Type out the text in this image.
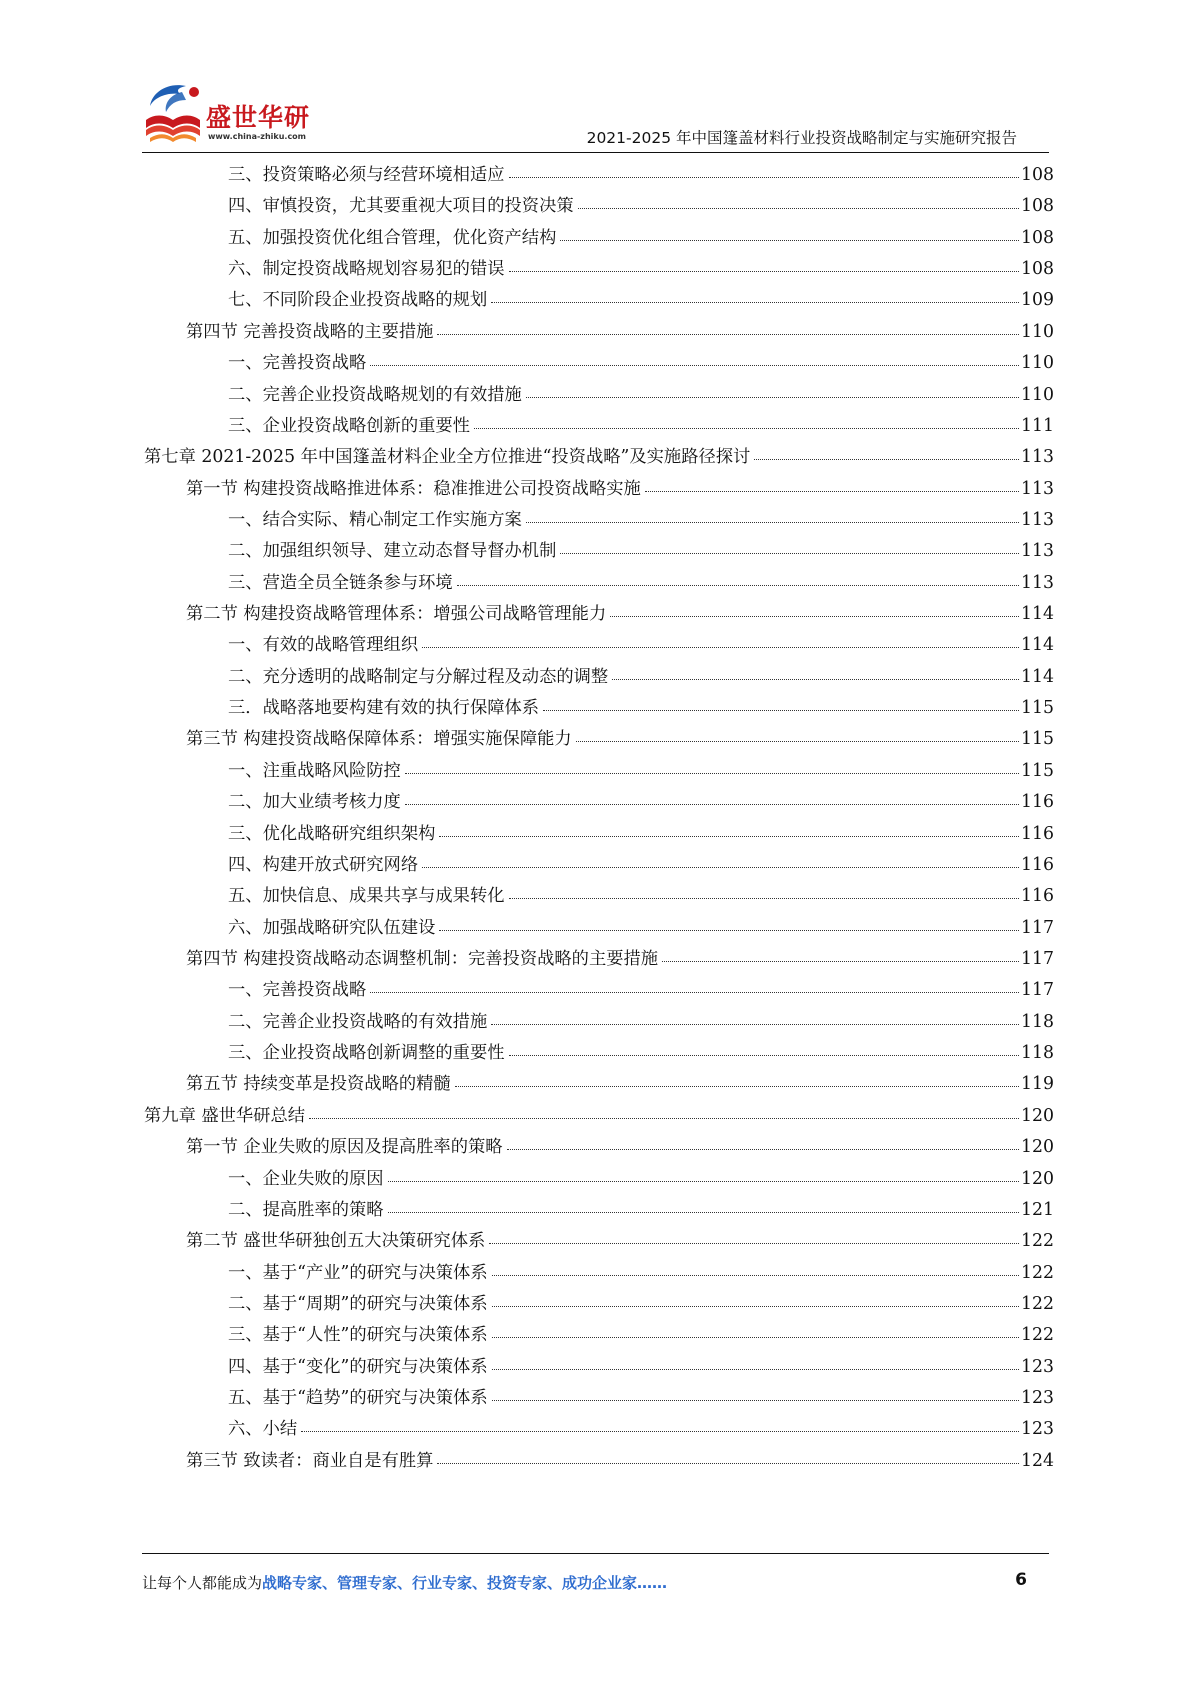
盛世华研
www.china-zhiku.com	2021-2025 年中国篷盖材料行业投资战略制定与实施研究报告
三、投资策略必须与经营环境相适应	108
四、审慎投资，尤其要重视大项目的投资决策	108
五、加强投资优化组合管理，优化资产结构	108
六、制定投资战略规划容易犯的错误	108
七、不同阶段企业投资战略的规划	109
第四节 完善投资战略的主要措施	110
一、完善投资战略	110
二、完善企业投资战略规划的有效措施	110
三、企业投资战略创新的重要性	111
第七章 2021-2025 年中国篷盖材料企业全方位推进“投资战略”及实施路径探讨	113
第一节 构建投资战略推进体系：稳准推进公司投资战略实施	113
一、结合实际、精心制定工作实施方案	113
二、加强组织领导、建立动态督导督办机制	113
三、营造全员全链条参与环境	113
第二节 构建投资战略管理体系：增强公司战略管理能力	114
一、有效的战略管理组织	114
二、充分透明的战略制定与分解过程及动态的调整	114
三．战略落地要构建有效的执行保障体系	115
第三节 构建投资战略保障体系：增强实施保障能力	115
一、注重战略风险防控	115
二、加大业绩考核力度	116
三、优化战略研究组织架构	116
四、构建开放式研究网络	116
五、加快信息、成果共享与成果转化	116
六、加强战略研究队伍建设	117
第四节 构建投资战略动态调整机制：完善投资战略的主要措施	117
一、完善投资战略	117
二、完善企业投资战略的有效措施	118
三、企业投资战略创新调整的重要性	118
第五节 持续变革是投资战略的精髓	119
第九章 盛世华研总结	120
第一节 企业失败的原因及提高胜率的策略	120
一、企业失败的原因	120
二、提高胜率的策略	121
第二节 盛世华研独创五大决策研究体系	122
一、基于“产业”的研究与决策体系	122
二、基于“周期”的研究与决策体系	122
三、基于“人性”的研究与决策体系	122
四、基于“变化”的研究与决策体系	123
五、基于“趋势”的研究与决策体系	123
六、小结	123
第三节 致读者：商业自是有胜算	124
让每个人都能成为战略专家、管理专家、行业专家、投资专家、成功企业家……	6
